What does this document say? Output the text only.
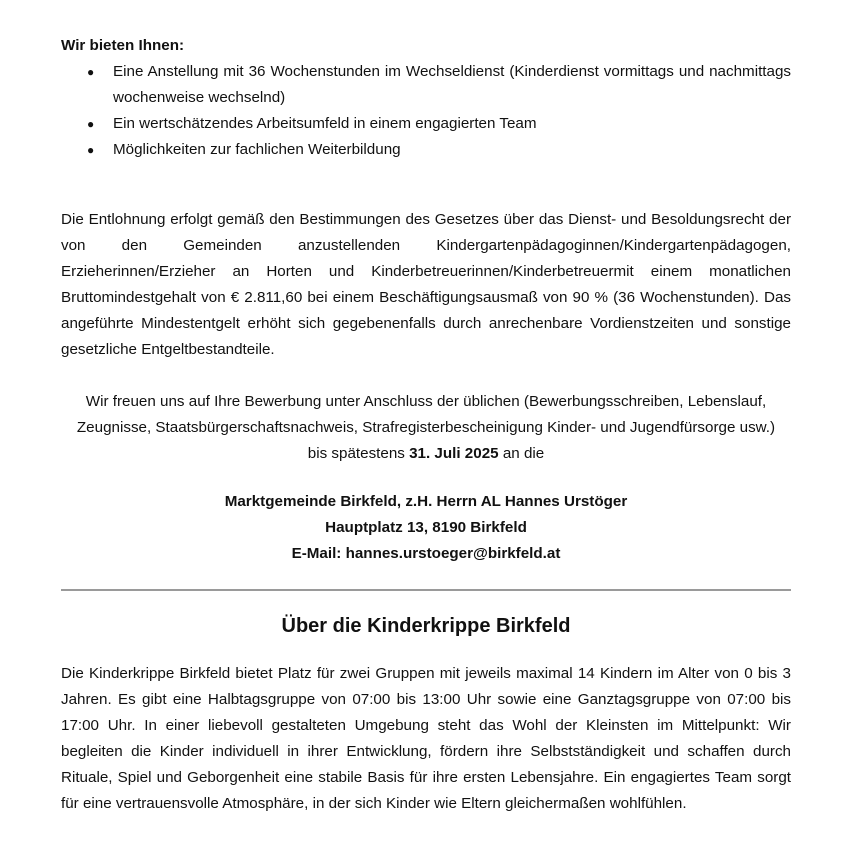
Wir bieten Ihnen:

● Eine Anstellung mit 36 Wochenstunden im Wechseldienst (Kinderdienst vormittags und nachmittags wochenweise wechselnd)
● Ein wertschätzendes Arbeitsumfeld in einem engagierten Team
● Möglichkeiten zur fachlichen Weiterbildung

Die Entlohnung erfolgt gemäß den Bestimmungen des Gesetzes über das Dienst- und Besoldungsrecht der von den Gemeinden anzustellenden Kindergartenpädagoginnen/Kindergartenpädagogen, Erzieherinnen/Erzieher an Horten und Kinderbetreuerinnen/Kinderbetreuermit einem monatlichen Bruttomindestgehalt von € 2.811,60 bei einem Beschäftigungsausmaß von 90 % (36 Wochenstunden). Das angeführte Mindestentgelt erhöht sich gegebenenfalls durch anrechenbare Vordienstzeiten und sonstige gesetzliche Entgeltbestandteile.

Wir freuen uns auf Ihre Bewerbung unter Anschluss der üblichen (Bewerbungsschreiben, Lebenslauf,

Zeugnisse, Staatsbürgerschaftsnachweis, Strafregisterbescheinigung Kinder- und Jugendfürsorge usw.)

bis spätestens 31. Juli 2025 an die

Marktgemeinde Birkfeld, z.H. Herrn AL Hannes Urstöger

Hauptplatz 13, 8190 Birkfeld

E-Mail: hannes.urstoeger@birkfeld.at

Über die Kinderkrippe Birkfeld

Die Kinderkrippe Birkfeld bietet Platz für zwei Gruppen mit jeweils maximal 14 Kindern im Alter von 0 bis 3 Jahren. Es gibt eine Halbtagsgruppe von 07:00 bis 13:00 Uhr sowie eine Ganztagsgruppe von 07:00 bis 17:00 Uhr. In einer liebevoll gestalteten Umgebung steht das Wohl der Kleinsten im Mittelpunkt: Wir begleiten die Kinder individuell in ihrer Entwicklung, fördern ihre Selbstständigkeit und schaffen durch Rituale, Spiel und Geborgenheit eine stabile Basis für ihre ersten Lebensjahre. Ein engagiertes Team sorgt für eine vertrauensvolle Atmosphäre, in der sich Kinder wie Eltern gleichermaßen wohlfühlen.
